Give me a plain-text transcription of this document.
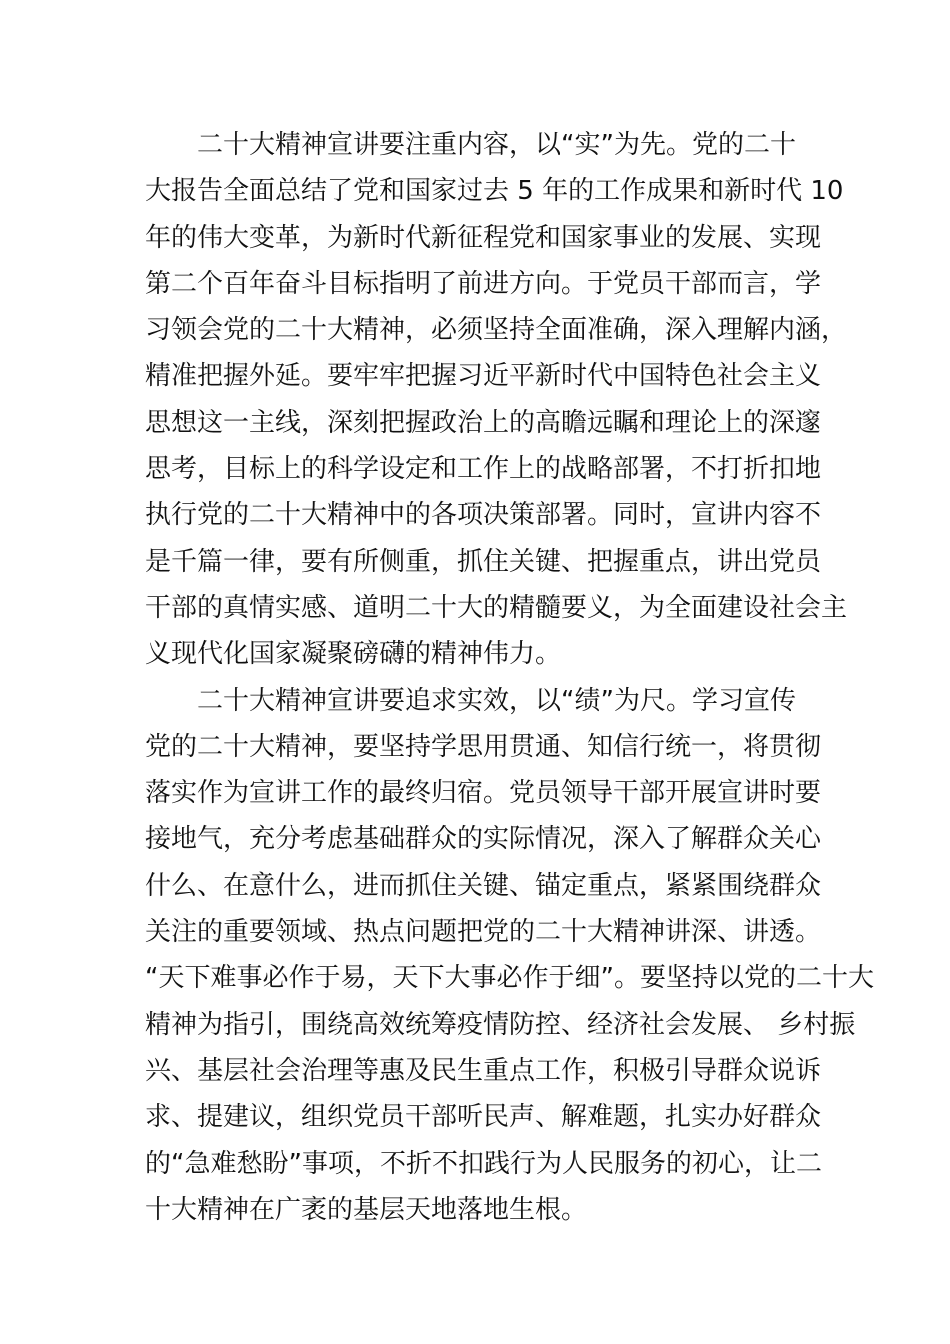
二十大精神宣讲要注重内容，以“实”为先。党的二十
大报告全面总结了党和国家过去 5 年的工作成果和新时代 10
年的伟大变革，为新时代新征程党和国家事业的发展、实现
第二个百年奋斗目标指明了前进方向。于党员干部而言，学
习领会党的二十大精神，必须坚持全面准确，深入理解内涵，
精准把握外延。要牢牢把握习近平新时代中国特色社会主义
思想这一主线，深刻把握政治上的高瞻远瞩和理论上的深邃
思考，目标上的科学设定和工作上的战略部署，不打折扣地
执行党的二十大精神中的各项决策部署。同时，宣讲内容不
是千篇一律，要有所侧重，抓住关键、把握重点，讲出党员
干部的真情实感、道明二十大的精髓要义，为全面建设社会主
义现代化国家凝聚磅礴的精神伟力。
二十大精神宣讲要追求实效，以“绩”为尺。学习宣传
党的二十大精神，要坚持学思用贯通、知信行统一，将贯彻
落实作为宣讲工作的最终归宿。党员领导干部开展宣讲时要
接地气，充分考虑基础群众的实际情况，深入了解群众关心
什么、在意什么，进而抓住关键、锚定重点，紧紧围绕群众
关注的重要领域、热点问题把党的二十大精神讲深、讲透。
“天下难事必作于易，天下大事必作于细”。要坚持以党的二十大
精神为指引，围绕高效统筹疫情防控、经济社会发展、 乡村振
兴、基层社会治理等惠及民生重点工作，积极引导群众说诉
求、提建议，组织党员干部听民声、解难题，扎实办好群众
的“急难愁盼”事项，不折不扣践行为人民服务的初心，让二
十大精神在广袤的基层天地落地生根。
